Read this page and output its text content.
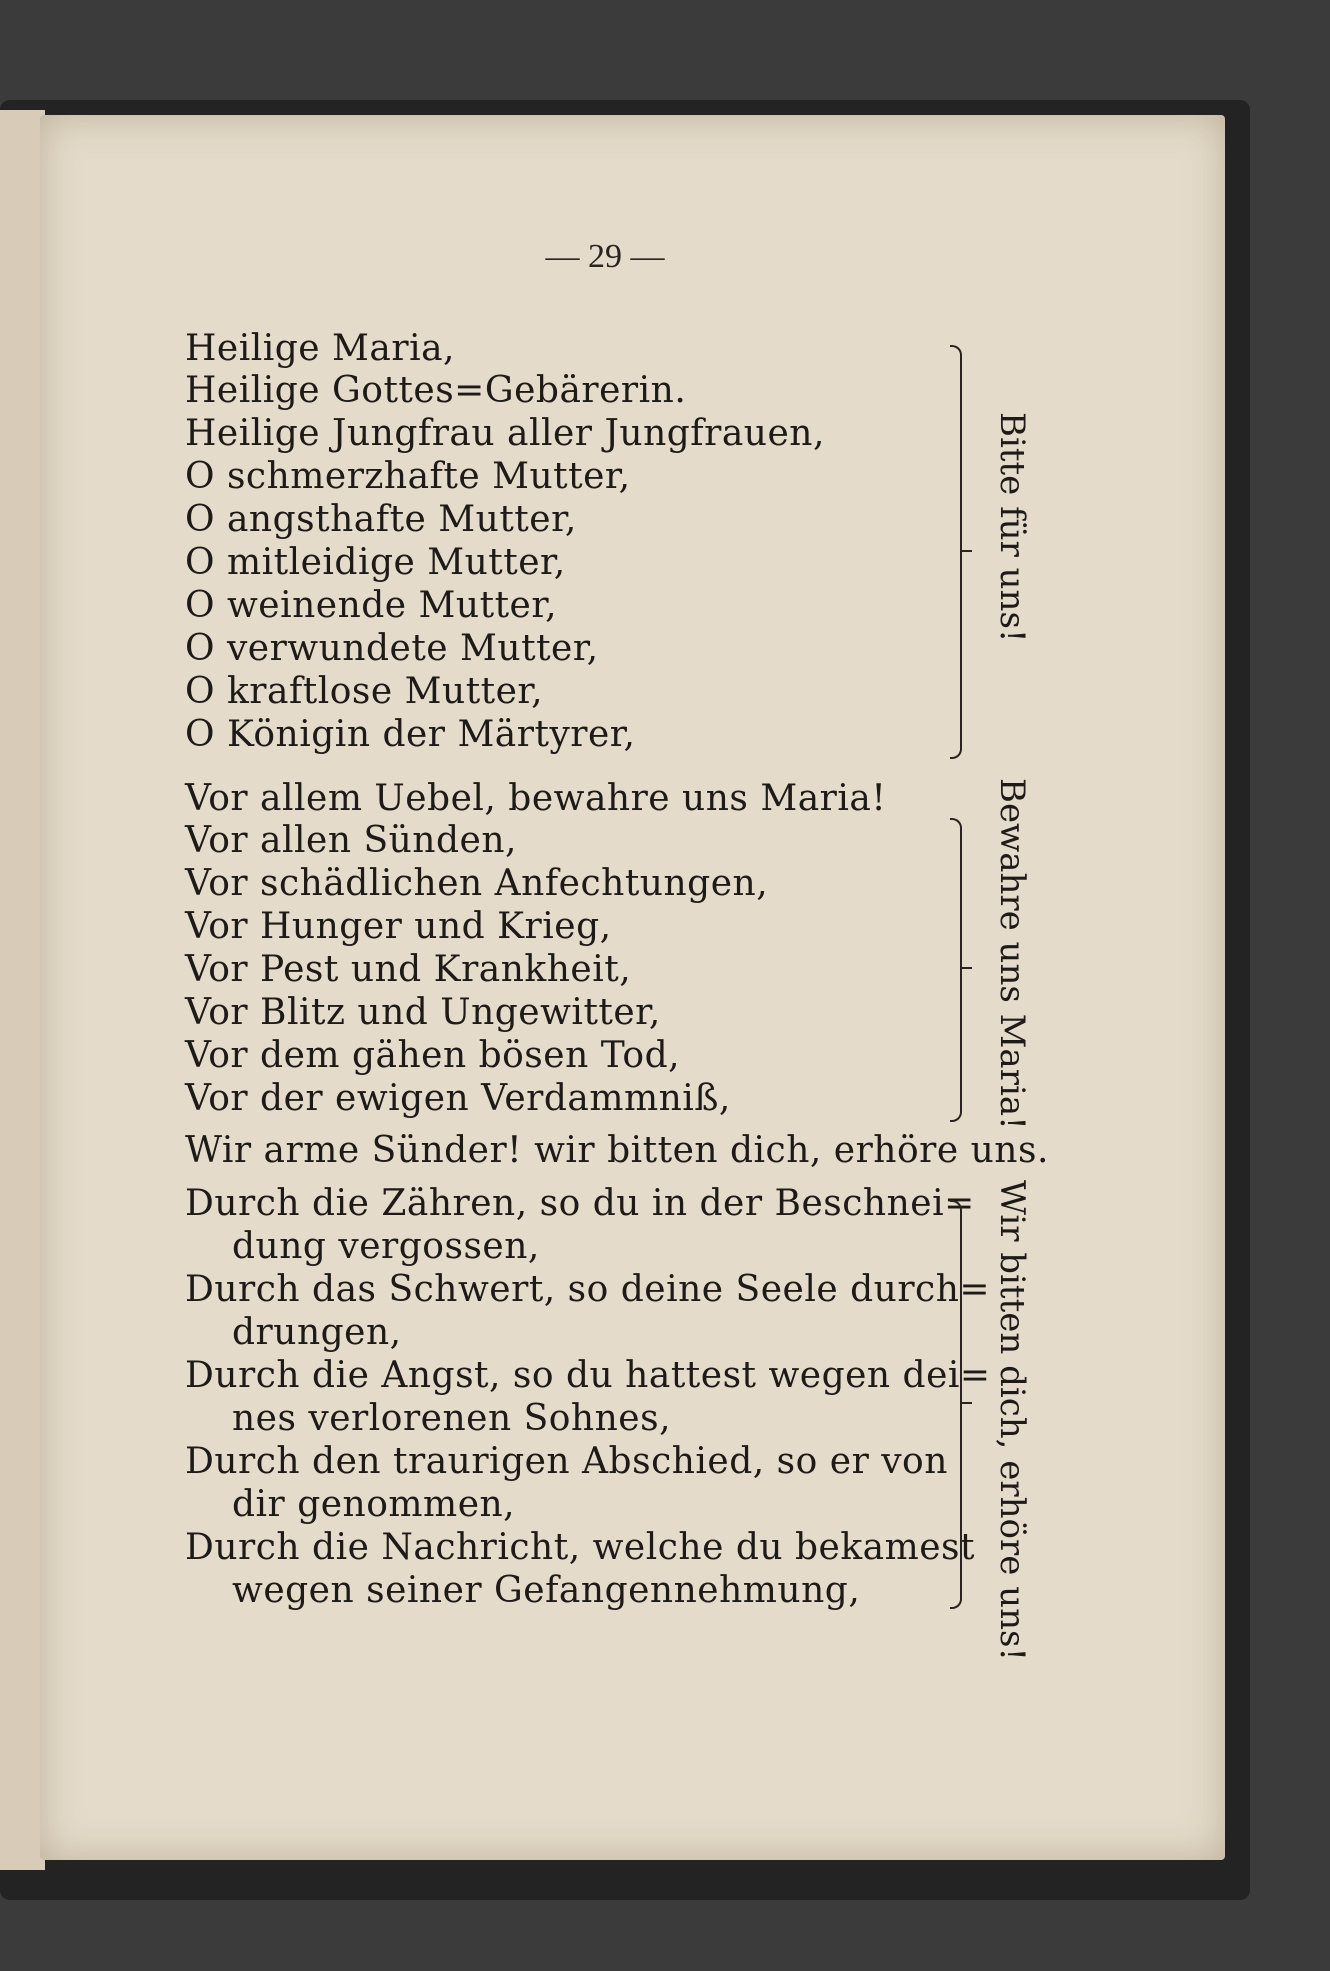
— 29 —
Heilige Maria,
Heilige Gottes=Gebärerin.
Heilige Jungfrau aller Jungfrauen,
O schmerzhafte Mutter,
O angsthafte Mutter,
O mitleidige Mutter,
O weinende Mutter,
O verwundete Mutter,
O kraftlose Mutter,
O Königin der Märtyrer,
Bitte für uns!
Vor allem Uebel, bewahre uns Maria!
Vor allen Sünden,
Vor schädlichen Anfechtungen,
Vor Hunger und Krieg,
Vor Pest und Krankheit,
Vor Blitz und Ungewitter,
Vor dem gähen bösen Tod,
Vor der ewigen Verdammniß,	Bewahre uns Maria!
Wir arme Sünder! wir bitten dich, erhöre uns.
Durch die Zähren, so du in der Beschnei=
dung vergossen,
Durch das Schwert, so deine Seele durch=
drungen,
Durch die Angst, so du hattest wegen dei=
nes verlorenen Sohnes,
Durch den traurigen Abschied, so er von
dir genommen,
Durch die Nachricht, welche du bekamest
wegen seiner Gefangennehmung,	Wir bitten dich, erhöre uns!
